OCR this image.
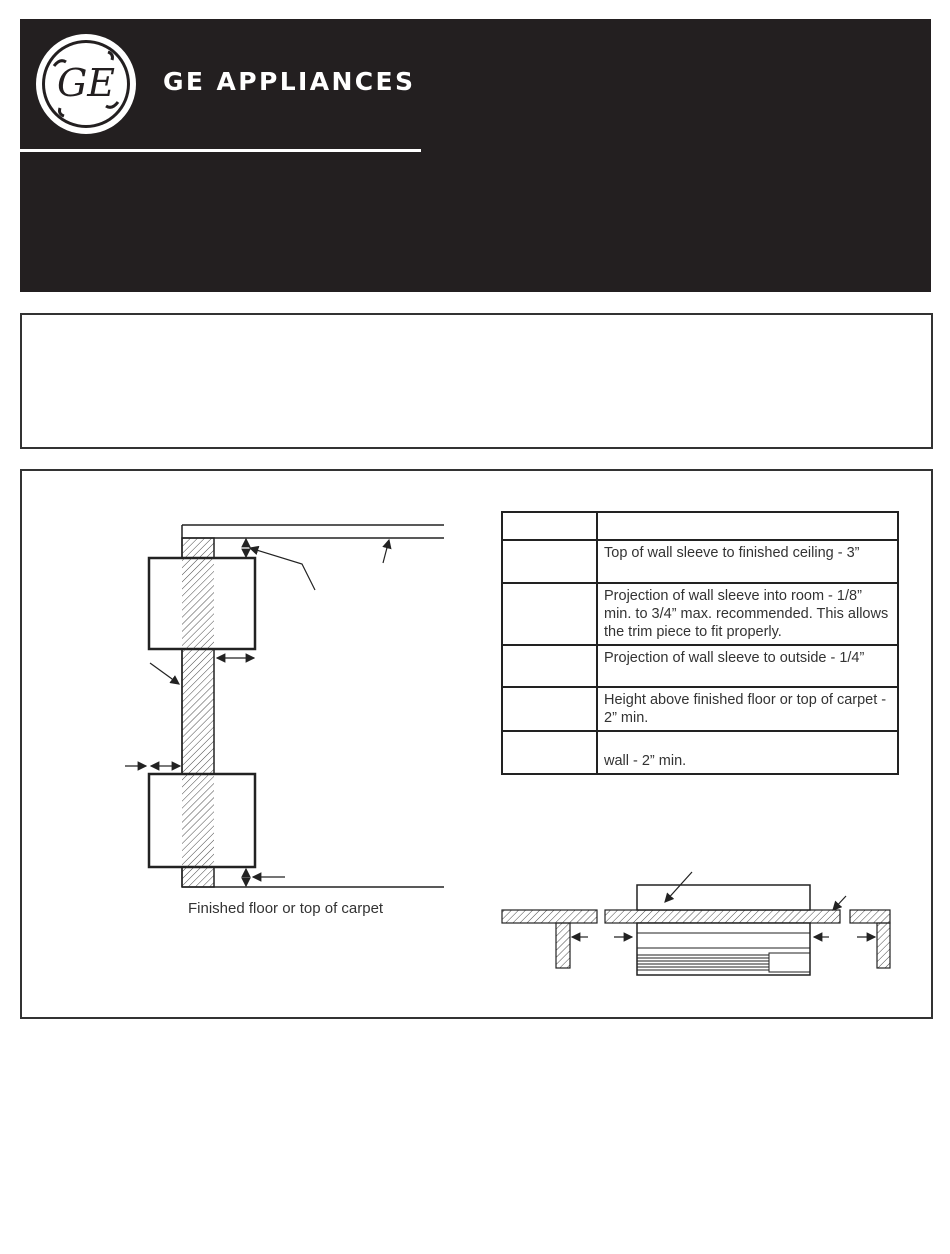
GE GE APPLIANCES
Finished floor or top of carpet

	Top of wall sleeve to finished ceiling - 3”
	Projection of wall sleeve into room - 1/8” min. to 3/4” max. recommended. This allows the trim piece to fit properly.
	Projection of wall sleeve to outside - 1/4”
	Height above finished floor or top of carpet - 2” min.
	wall - 2” min.
